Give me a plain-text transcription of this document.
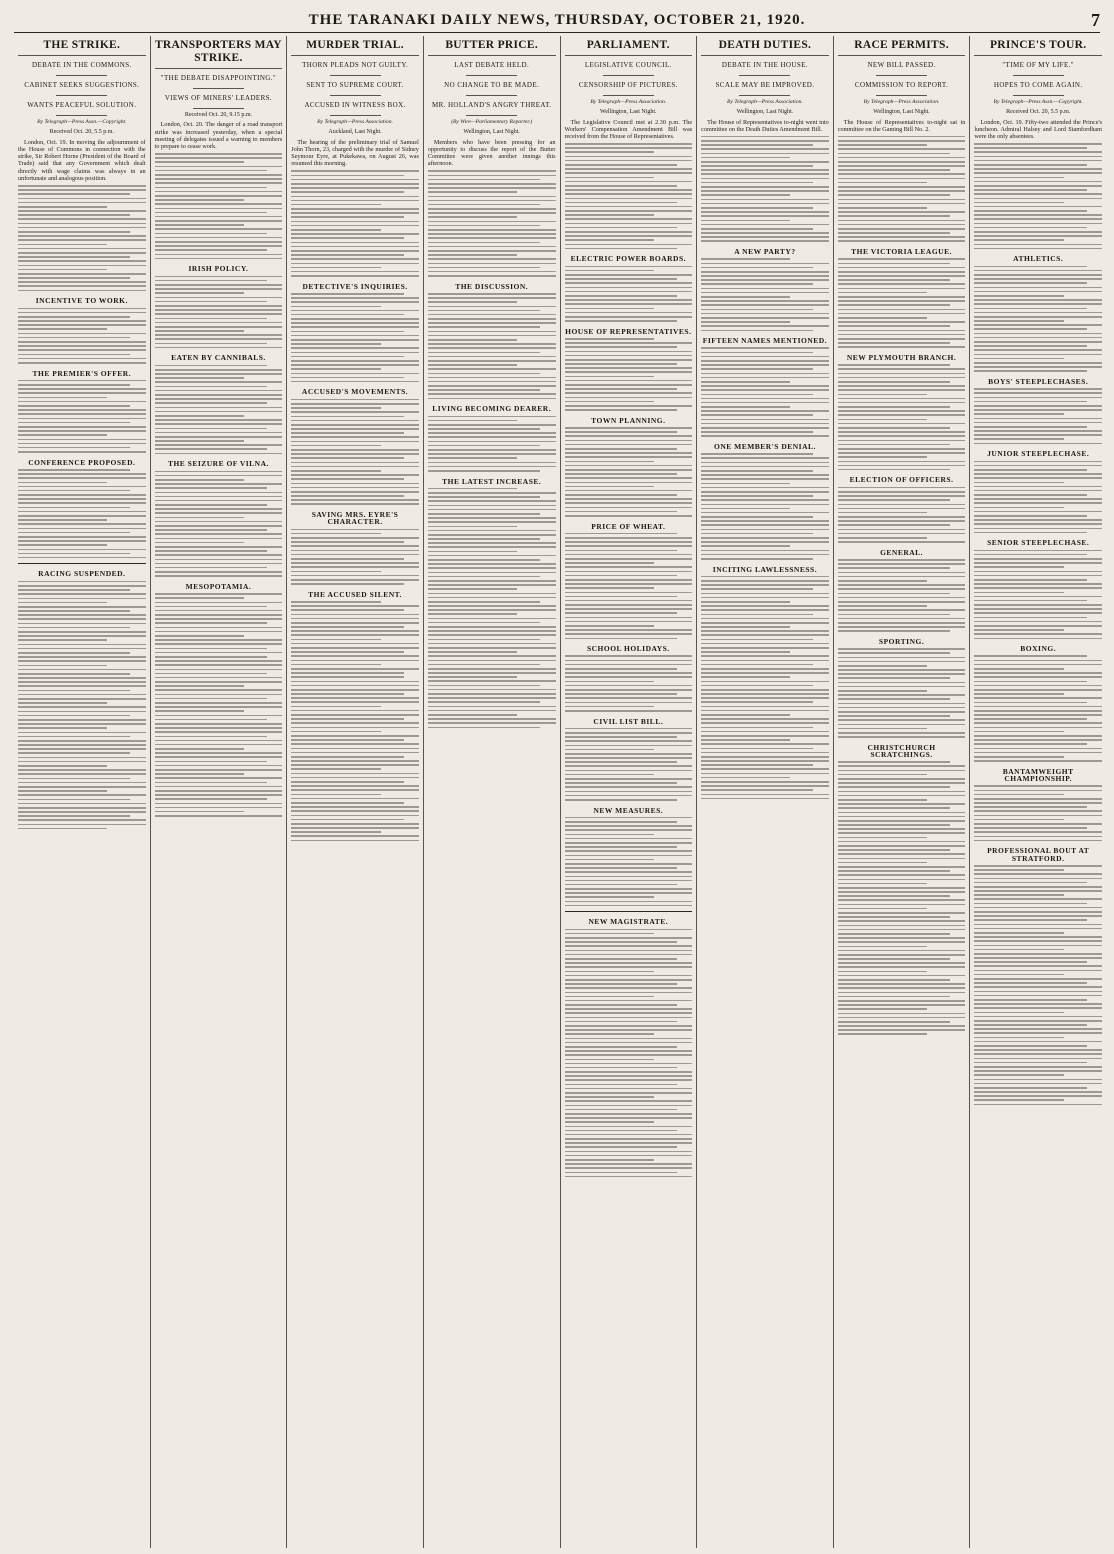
THE TARANAKI DAILY NEWS, THURSDAY, OCTOBER 21, 1920.	7
THE STRIKE.
DEBATE IN THE COMMONS.
CABINET SEEKS SUGGESTIONS.
WANTS PEACEFUL SOLUTION.
By Telegraph—Press Assn.—Copyright.
Received Oct. 20, 5.5 p.m.
London, Oct. 19. In moving the adjournment of the House of Commons in connection with the strike, Sir Robert Horne (President of the Board of Trade) said that any Government which dealt directly with wage claims was always in an unfortunate and analogous position.
INCENTIVE TO WORK.
THE PREMIER'S OFFER.
CONFERENCE PROPOSED.
RACING SUSPENDED.
TRANSPORTERS MAY STRIKE.
"THE DEBATE DISAPPOINTING."
VIEWS OF MINERS' LEADERS.
Received Oct. 20, 9.15 p.m.
London, Oct. 20. The danger of a road transport strike was increased yesterday, when a special meeting of delegates issued a warning to members to prepare to cease work.
IRISH POLICY.
EATEN BY CANNIBALS.
THE SEIZURE OF VILNA.
MESOPOTAMIA.
MURDER TRIAL.
THORN PLEADS NOT GUILTY.
SENT TO SUPREME COURT.
ACCUSED IN WITNESS BOX.
By Telegraph—Press Association.
Auckland, Last Night.
The hearing of the preliminary trial of Samuel John Thorn, 23, charged with the murder of Sidney Seymour Eyre, at Pukekawa, on August 26, was resumed this morning.
DETECTIVE'S INQUIRIES.
ACCUSED'S MOVEMENTS.
SAVING MRS. EYRE'S CHARACTER.
THE ACCUSED SILENT.
BUTTER PRICE.
LAST DEBATE HELD.
NO CHANGE TO BE MADE.
MR. HOLLAND'S ANGRY THREAT.
(By Wire—Parliamentary Reporter.)
Wellington, Last Night.
Members who have been pressing for an opportunity to discuss the report of the Butter Committee were given another innings this afternoon.
THE DISCUSSION.
LIVING BECOMING DEARER.
THE LATEST INCREASE.
PARLIAMENT.
LEGISLATIVE COUNCIL.
CENSORSHIP OF PICTURES.
By Telegraph—Press Association.
Wellington, Last Night.
The Legislative Council met at 2.30 p.m. The Workers' Compensation Amendment Bill was received from the House of Representatives.
ELECTRIC POWER BOARDS.
HOUSE OF REPRESENTATIVES.
TOWN PLANNING.
PRICE OF WHEAT.
SCHOOL HOLIDAYS.
CIVIL LIST BILL.
NEW MEASURES.
NEW MAGISTRATE.
DEATH DUTIES.
DEBATE IN THE HOUSE.
SCALE MAY BE IMPROVED.
By Telegraph—Press Association.
Wellington, Last Night.
The House of Representatives to-night went into committee on the Death Duties Amendment Bill.
A NEW PARTY?
FIFTEEN NAMES MENTIONED.
ONE MEMBER'S DENIAL.
INCITING LAWLESSNESS.
RACE PERMITS.
NEW BILL PASSED.
COMMISSION TO REPORT.
By Telegraph—Press Association.
Wellington, Last Night.
The House of Representatives to-night sat in committee on the Gaming Bill No. 2.
THE VICTORIA LEAGUE.
NEW PLYMOUTH BRANCH.
ELECTION OF OFFICERS.
GENERAL.
SPORTING.
CHRISTCHURCH SCRATCHINGS.
PRINCE'S TOUR.
"TIME OF MY LIFE."
HOPES TO COME AGAIN.
By Telegraph—Press Assn.—Copyright.
Received Oct. 20, 5.5 p.m.
London, Oct. 19. Fifty-two attended the Prince's luncheon. Admiral Halsey and Lord Stamfordham were the only absentees.
ATHLETICS.
BOYS' STEEPLECHASES.
JUNIOR STEEPLECHASE.
SENIOR STEEPLECHASE.
BOXING.
BANTAMWEIGHT CHAMPIONSHIP.
PROFESSIONAL BOUT AT STRATFORD.
